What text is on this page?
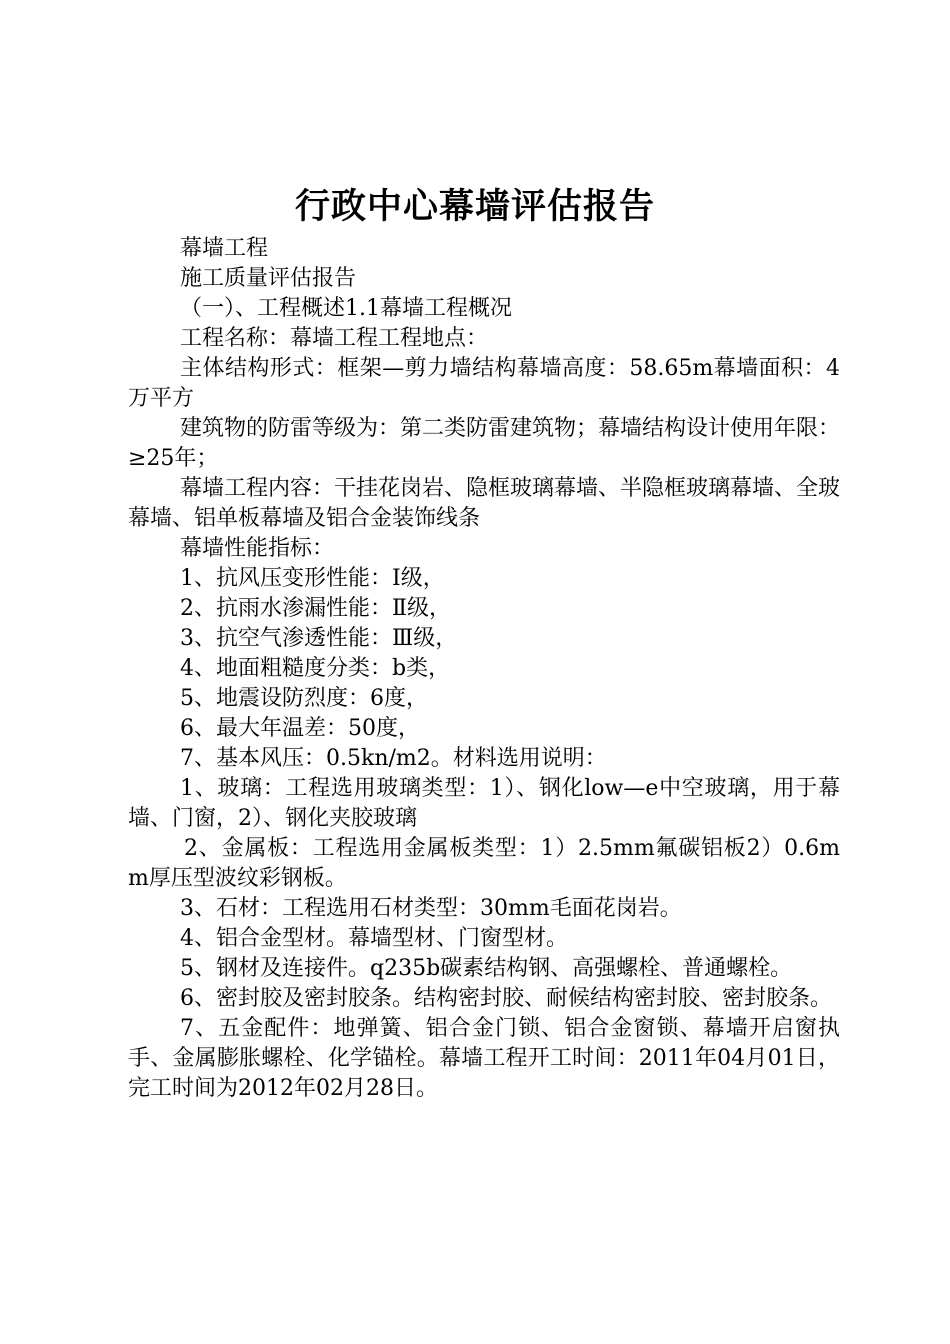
行政中心幕墙评估报告

幕墙工程

施工质量评估报告

（一）、工程概述1.1幕墙工程概况

工程名称：幕墙工程工程地点：

主体结构形式：框架—剪力墙结构幕墙高度：58.65m幕墙面积：4万平方

建筑物的防雷等级为：第二类防雷建筑物；幕墙结构设计使用年限：≥25年；

幕墙工程内容：干挂花岗岩、隐框玻璃幕墙、半隐框玻璃幕墙、全玻幕墙、铝单板幕墙及铝合金装饰线条

幕墙性能指标：

1、抗风压变形性能：Ⅰ级，

2、抗雨水渗漏性能：Ⅱ级，

3、抗空气渗透性能：Ⅲ级，

4、地面粗糙度分类：b类，

5、地震设防烈度：6度，

6、最大年温差：50度，

7、基本风压：0.5kn/m2。材料选用说明：

1、玻璃：工程选用玻璃类型：1）、钢化low—e中空玻璃，用于幕墙、门窗，2）、钢化夹胶玻璃

2、金属板：工程选用金属板类型：1）2.5mm氟碳铝板2）0.6mm厚压型波纹彩钢板。

3、石材：工程选用石材类型：30mm毛面花岗岩。

4、铝合金型材。幕墙型材、门窗型材。

5、钢材及连接件。q235b碳素结构钢、高强螺栓、普通螺栓。

6、密封胶及密封胶条。结构密封胶、耐候结构密封胶、密封胶条。

7、五金配件：地弹簧、铝合金门锁、铝合金窗锁、幕墙开启窗执手、金属膨胀螺栓、化学锚栓。幕墙工程开工时间：2011年04月01日，完工时间为2012年02月28日。
